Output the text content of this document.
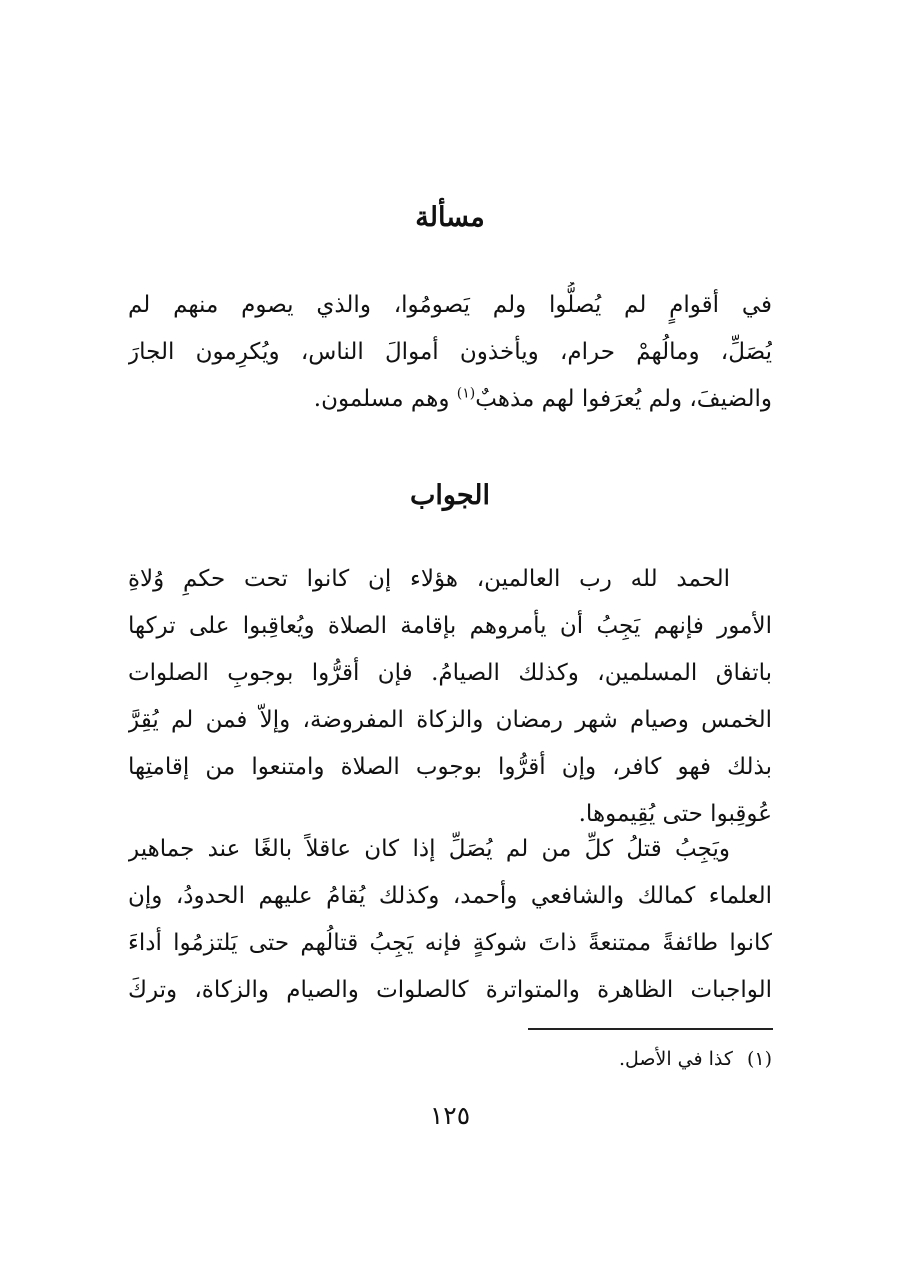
مسألة
في أقوامٍ لم يُصلُّوا ولم يَصومُوا، والذي يصوم منهم لم
يُصَلِّ، ومالُهمْ حرام، ويأخذون أموالَ الناس، ويُكرِمون الجارَ
والضيفَ، ولم يُعرَفوا لهم مذهبٌ$^{(١)}$ وهم مسلمون.
الجواب
الحمد لله رب العالمين، هؤلاء إن كانوا تحت حكمِ وُلاةِ
الأمور فإنهم يَجِبُ أن يأمروهم بإقامة الصلاة ويُعاقِبوا على تركها
باتفاق المسلمين، وكذلك الصيامُ. فإن أقرُّوا بوجوبِ الصلوات
الخمس وصيام شهر رمضان والزكاة المفروضة، وإلاّ فمن لم يُقِرَّ
بذلك فهو كافر، وإن أقرُّوا بوجوب الصلاة وامتنعوا من إقامتِها
عُوقِبوا حتى يُقِيموها.
ويَجِبُ قتلُ كلِّ من لم يُصَلِّ إذا كان عاقلاً بالغًا عند جماهير
العلماء كمالك والشافعي وأحمد، وكذلك يُقامُ عليهم الحدودُ، وإن
كانوا طائفةً ممتنعةً ذاتَ شوكةٍ فإنه يَجِبُ قتالُهم حتى يَلتزمُوا أداءَ
الواجبات الظاهرة والمتواترة كالصلوات والصيام والزكاة، وتركَ
(١)كذا في الأصل.
١٢٥
